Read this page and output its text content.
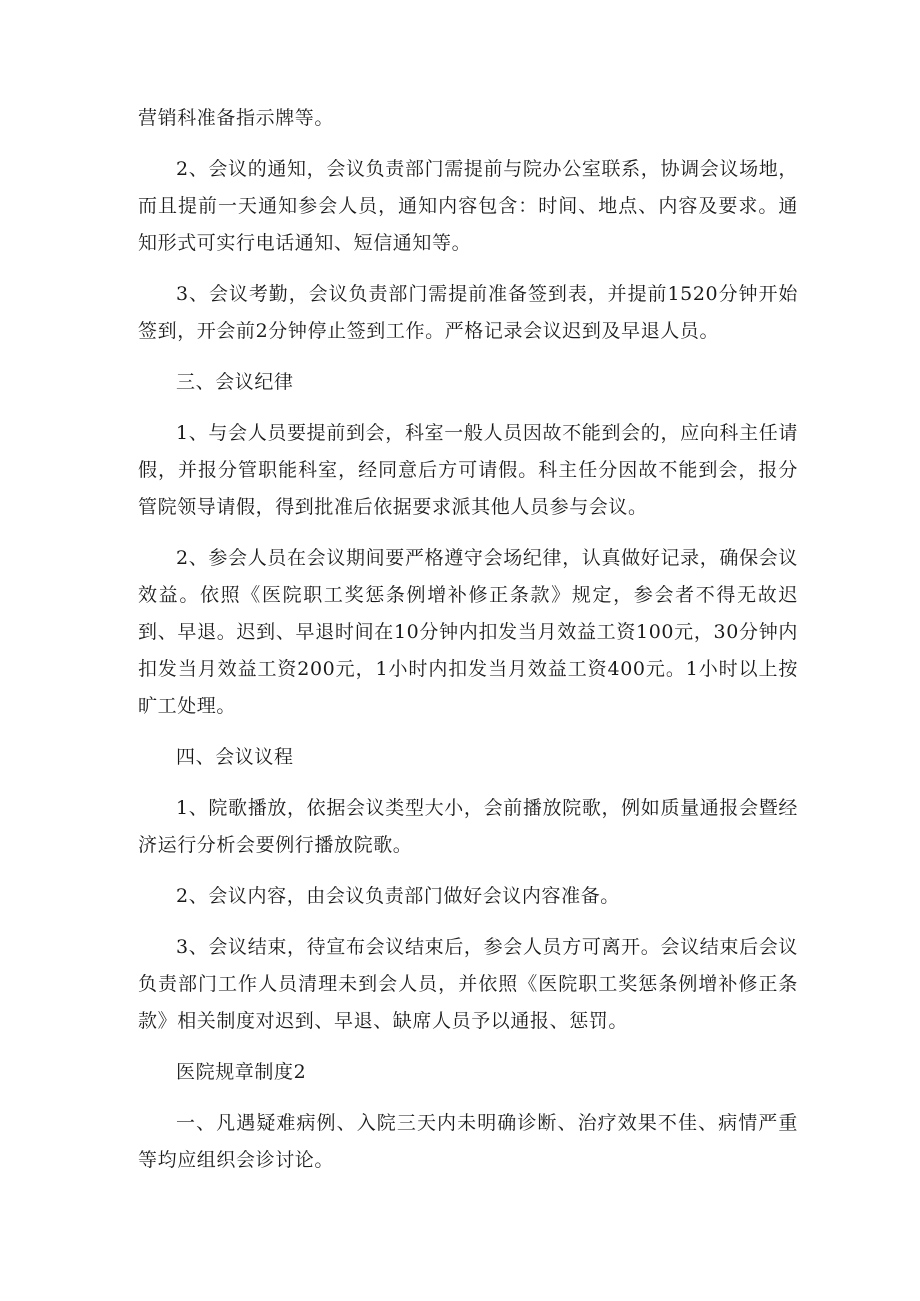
营销科准备指示牌等。

2、会议的通知，会议负责部门需提前与院办公室联系，协调会议场地，而且提前一天通知参会人员，通知内容包含：时间、地点、内容及要求。通知形式可实行电话通知、短信通知等。

3、会议考勤，会议负责部门需提前准备签到表，并提前1520分钟开始签到，开会前2分钟停止签到工作。严格记录会议迟到及早退人员。

三、会议纪律

1、与会人员要提前到会，科室一般人员因故不能到会的，应向科主任请假，并报分管职能科室，经同意后方可请假。科主任分因故不能到会，报分管院领导请假，得到批准后依据要求派其他人员参与会议。

2、参会人员在会议期间要严格遵守会场纪律，认真做好记录，确保会议效益。依照《医院职工奖惩条例增补修正条款》规定，参会者不得无故迟到、早退。迟到、早退时间在10分钟内扣发当月效益工资100元，30分钟内扣发当月效益工资200元，1小时内扣发当月效益工资400元。1小时以上按旷工处理。

四、会议议程

1、院歌播放，依据会议类型大小，会前播放院歌，例如质量通报会暨经济运行分析会要例行播放院歌。

2、会议内容，由会议负责部门做好会议内容准备。

3、会议结束，待宣布会议结束后，参会人员方可离开。会议结束后会议负责部门工作人员清理未到会人员，并依照《医院职工奖惩条例增补修正条款》相关制度对迟到、早退、缺席人员予以通报、惩罚。

医院规章制度2

一、凡遇疑难病例、入院三天内未明确诊断、治疗效果不佳、病情严重等均应组织会诊讨论。
